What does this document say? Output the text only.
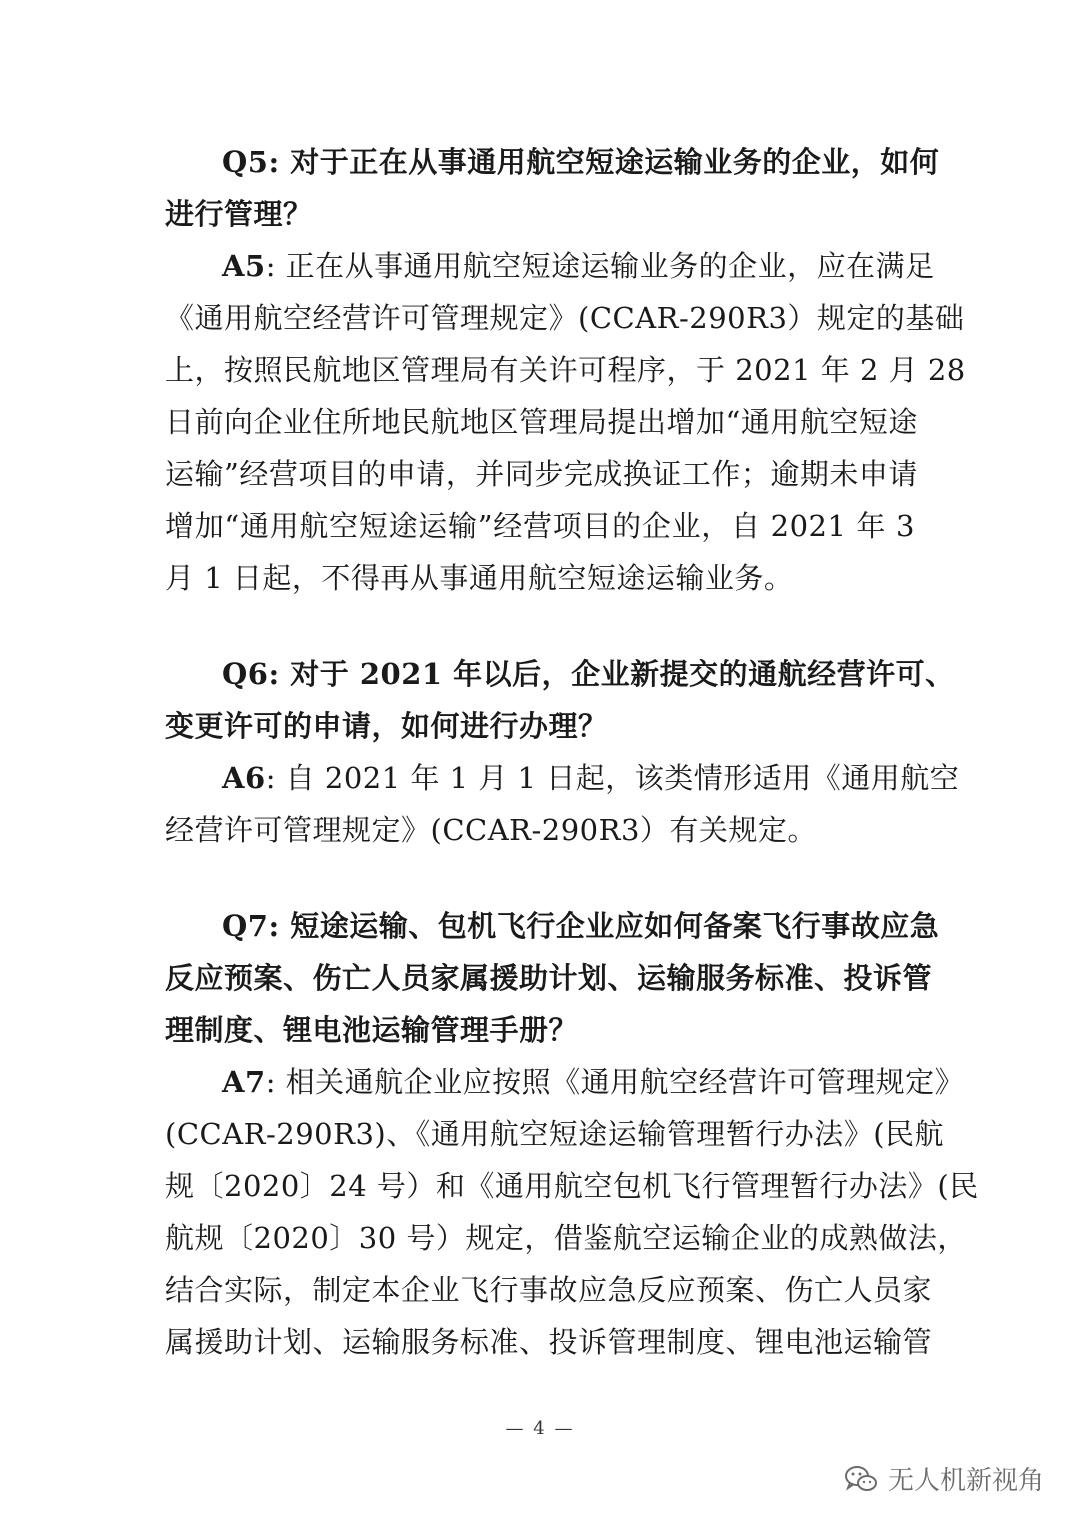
Q5: 对于正在从事通用航空短途运输业务的企业，如何
进行管理？
A5: 正在从事通用航空短途运输业务的企业，应在满足
《通用航空经营许可管理规定》(CCAR-290R3）规定的基础
上，按照民航地区管理局有关许可程序，于 2021 年 2 月 28
日前向企业住所地民航地区管理局提出增加“通用航空短途
运输”经营项目的申请，并同步完成换证工作；逾期未申请
增加“通用航空短途运输”经营项目的企业，自 2021 年 3
月 1 日起，不得再从事通用航空短途运输业务。
Q6: 对于 2021 年以后，企业新提交的通航经营许可、
变更许可的申请，如何进行办理？
A6: 自 2021 年 1 月 1 日起，该类情形适用《通用航空
经营许可管理规定》(CCAR-290R3）有关规定。
Q7: 短途运输、包机飞行企业应如何备案飞行事故应急
反应预案、伤亡人员家属援助计划、运输服务标准、投诉管
理制度、锂电池运输管理手册？
A7: 相关通航企业应按照《通用航空经营许可管理规定》
(CCAR-290R3)、《通用航空短途运输管理暂行办法》(民航
规〔2020〕24 号）和《通用航空包机飞行管理暂行办法》(民
航规〔2020〕30 号）规定，借鉴航空运输企业的成熟做法，
结合实际，制定本企业飞行事故应急反应预案、伤亡人员家
属援助计划、运输服务标准、投诉管理制度、锂电池运输管
— 4 —
无人机新视角
